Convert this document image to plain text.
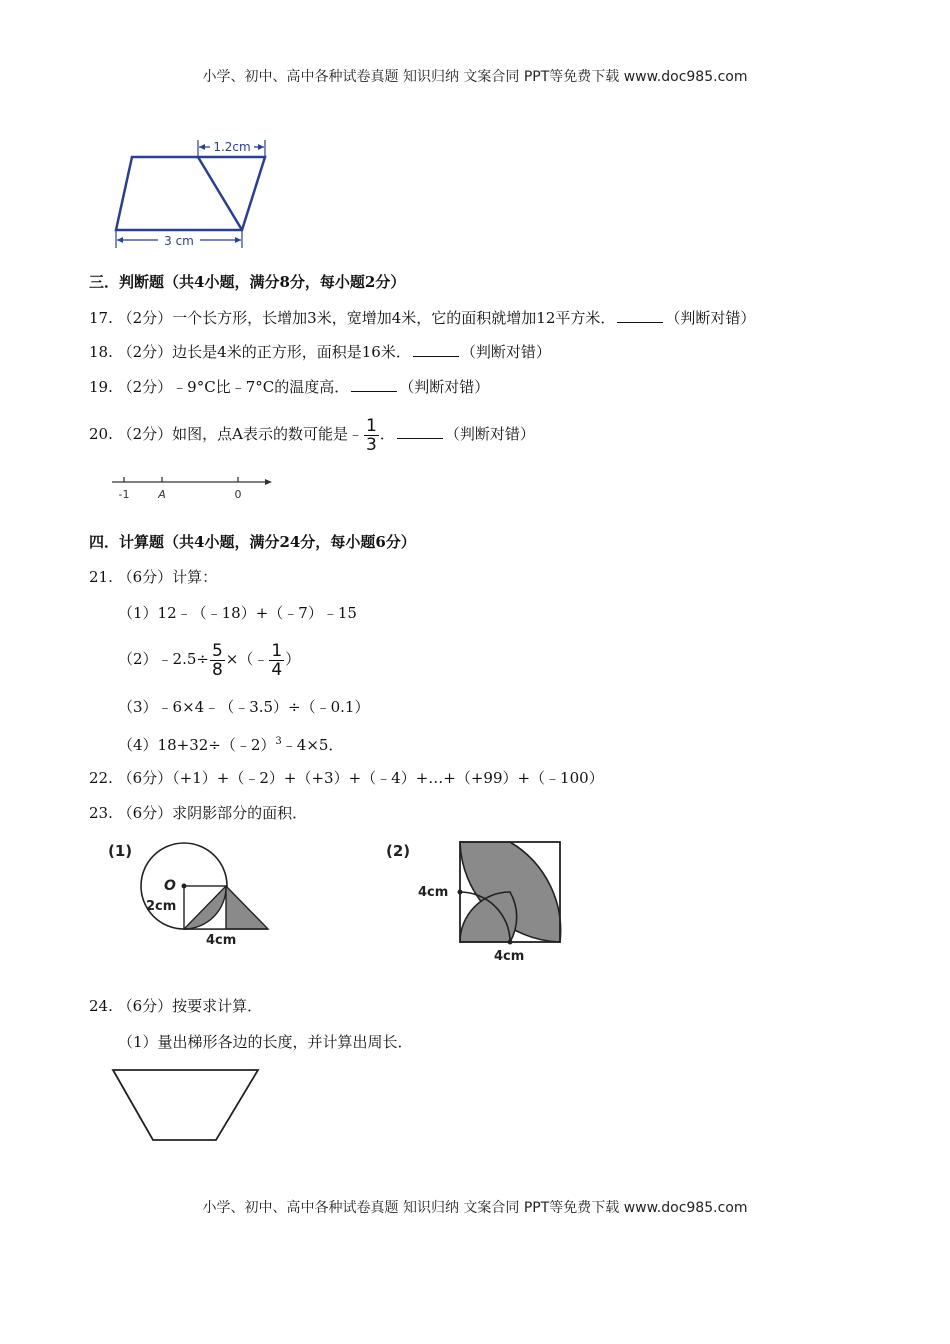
小学、初中、高中各种试卷真题 知识归纳 文案合同 PPT等免费下载 www.doc985.com
1.2cm
3 cm
三．判断题（共4小题，满分8分，每小题2分）
17. （2分）一个长方形，长增加3米，宽增加4米，它的面积就增加12平方米．	（判断对错）
18. （2分）边长是4米的正方形，面积是16米．	（判断对错）
19. （2分）﹣9°C比﹣7°C的温度高．	（判断对错）
20. （2分）如图，点A表示的数可能是﹣ $\frac{1}{3}$ ．	（判断对错）
-1	A	0
四．计算题（共4小题，满分24分，每小题6分）
21. （6分）计算：
（1）12﹣（﹣18）+（﹣7）﹣15
（2）﹣2.5÷ $\frac{5}{8}$ ×（﹣ $\frac{1}{4}$ ）
（3）﹣6×4﹣（﹣3.5）÷（﹣0.1）
（4）18+32÷（﹣2）$^3$﹣4×5．
22. （6分）（+1）+（﹣2）+（+3）+（﹣4）+…+（+99）+（﹣100）
23. （6分）求阴影部分的面积．
(1)
O
2cm
4cm
(2)
4cm
4cm
24. （6分）按要求计算．
（1）量出梯形各边的长度，并计算出周长．
小学、初中、高中各种试卷真题 知识归纳 文案合同 PPT等免费下载 www.doc985.com
